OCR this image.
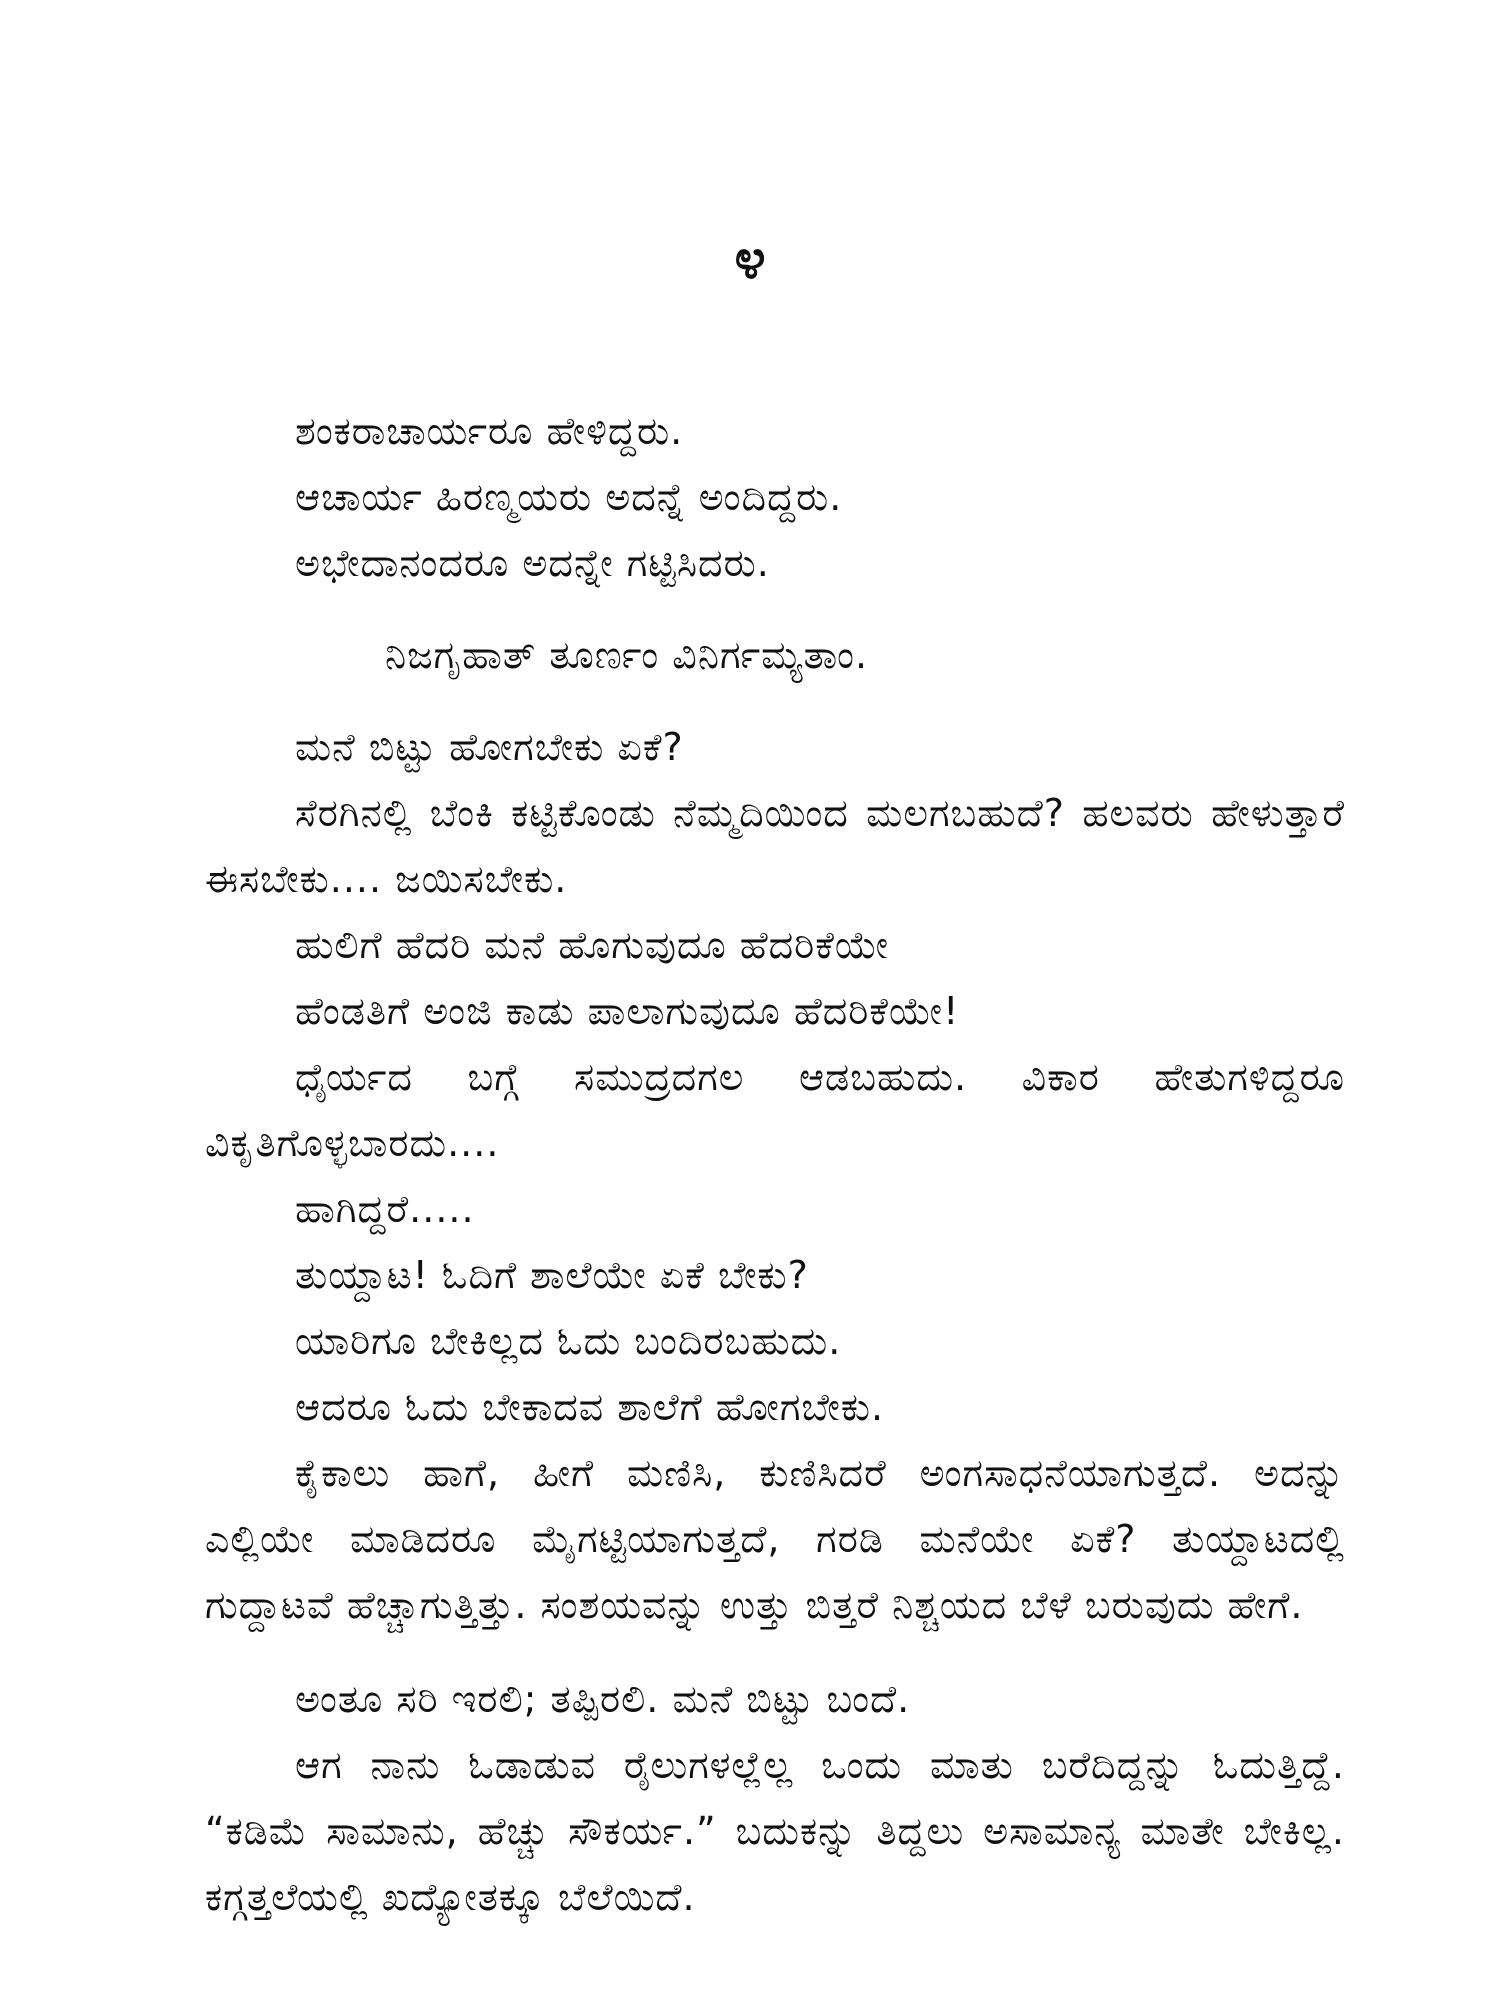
೪

ಶಂಕರಾಚಾರ್ಯರೂ ಹೇಳಿದ್ದರು.

ಆಚಾರ್ಯ ಹಿರಣ್ಮಯರು ಅದನ್ನೆ ಅಂದಿದ್ದರು.

ಅಭೇದಾನಂದರೂ ಅದನ್ನೇ ಗಟ್ಟಿಸಿದರು.

ನಿಜಗೃಹಾತ್ ತೂರ್ಣಂ ವಿನಿರ್ಗಮ್ಯತಾಂ.

ಮನೆ ಬಿಟ್ಟು ಹೋಗಬೇಕು ಏಕೆ?

ಸೆರಗಿನಲ್ಲಿ ಬೆಂಕಿ ಕಟ್ಟಿಕೊಂಡು ನೆಮ್ಮದಿಯಿಂದ ಮಲಗಬಹುದೆ? ಹಲವರು ಹೇಳುತ್ತಾರೆ ಈಸಬೇಕು.... ಜಯಿಸಬೇಕು.

ಹುಲಿಗೆ ಹೆದರಿ ಮನೆ ಹೊಗುವುದೂ ಹೆದರಿಕೆಯೇ

ಹೆಂಡತಿಗೆ ಅಂಜಿ ಕಾಡು ಪಾಲಾಗುವುದೂ ಹೆದರಿಕೆಯೇ!

ಧೈರ್ಯದ ಬಗ್ಗೆ ಸಮುದ್ರದಗಲ ಆಡಬಹುದು. ವಿಕಾರ ಹೇತುಗಳಿದ್ದರೂ ವಿಕೃತಿಗೊಳ್ಳಬಾರದು....

ಹಾಗಿದ್ದರೆ.....

ತುಯ್ದಾಟ! ಓದಿಗೆ ಶಾಲೆಯೇ ಏಕೆ ಬೇಕು?

ಯಾರಿಗೂ ಬೇಕಿಲ್ಲದ ಓದು ಬಂದಿರಬಹುದು.

ಆದರೂ ಓದು ಬೇಕಾದವ ಶಾಲೆಗೆ ಹೋಗಬೇಕು.

ಕೈಕಾಲು ಹಾಗೆ, ಹೀಗೆ ಮಣಿಸಿ, ಕುಣಿಸಿದರೆ ಅಂಗಸಾಧನೆಯಾಗುತ್ತದೆ. ಅದನ್ನು ಎಲ್ಲಿಯೇ ಮಾಡಿದರೂ ಮೈಗಟ್ಟಿಯಾಗುತ್ತದೆ, ಗರಡಿ ಮನೆಯೇ ಏಕೆ? ತುಯ್ದಾಟದಲ್ಲಿ ಗುದ್ದಾಟವೆ ಹೆಚ್ಚಾಗುತ್ತಿತ್ತು. ಸಂಶಯವನ್ನು ಉತ್ತು ಬಿತ್ತರೆ ನಿಶ್ಚಯದ ಬೆಳೆ ಬರುವುದು ಹೇಗೆ.

ಅಂತೂ ಸರಿ ಇರಲಿ; ತಪ್ಪಿರಲಿ. ಮನೆ ಬಿಟ್ಟು ಬಂದೆ.

ಆಗ ನಾನು ಓಡಾಡುವ ರೈಲುಗಳಲ್ಲೆಲ್ಲ ಒಂದು ಮಾತು ಬರೆದಿದ್ದನ್ನು ಓದುತ್ತಿದ್ದೆ. “ಕಡಿಮೆ ಸಾಮಾನು, ಹೆಚ್ಚು ಸೌಕರ್ಯ.” ಬದುಕನ್ನು ತಿದ್ದಲು ಅಸಾಮಾನ್ಯ ಮಾತೇ ಬೇಕಿಲ್ಲ. ಕಗ್ಗತ್ತಲೆಯಲ್ಲಿ ಖದ್ಯೋತಕ್ಕೂ ಬೆಲೆಯಿದೆ.
